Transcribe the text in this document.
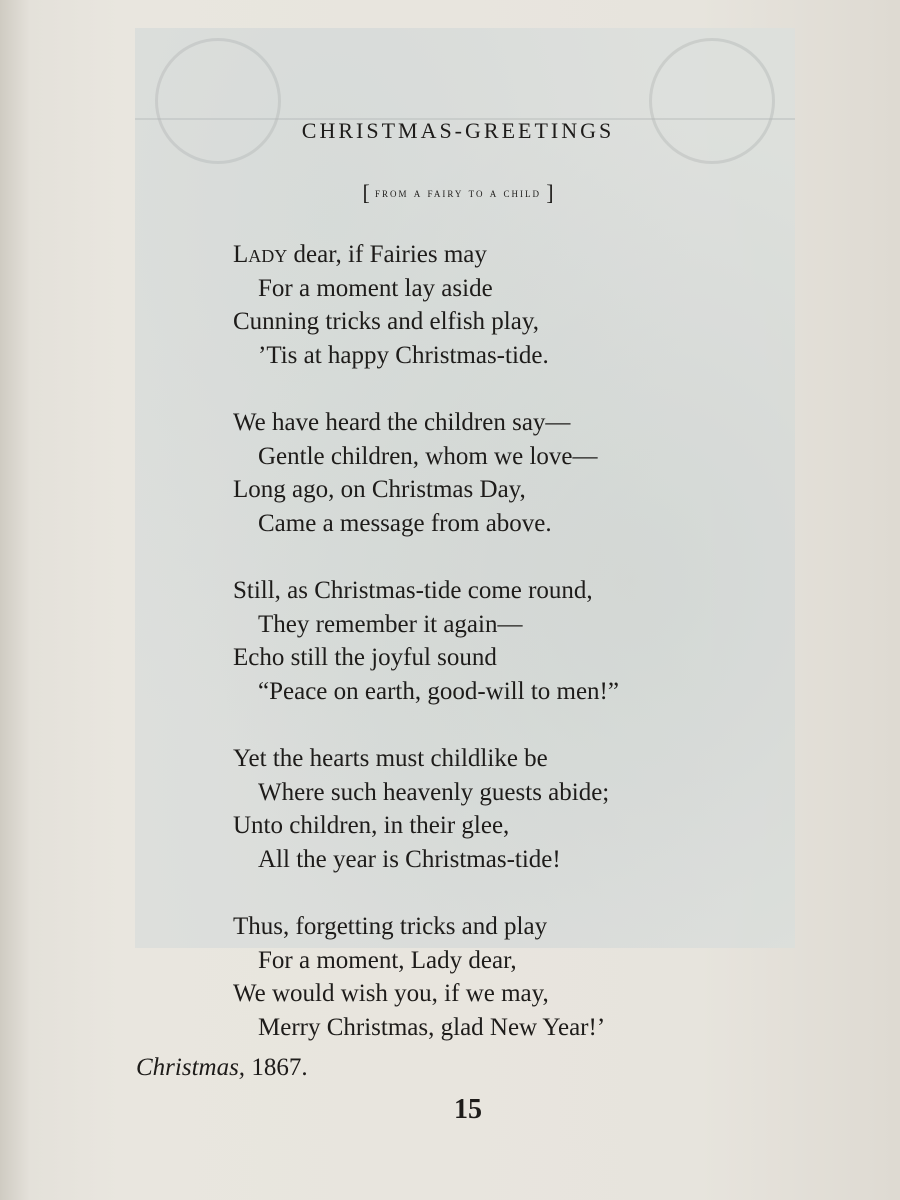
CHRISTMAS-GREETINGS
[ from a fairy to a child ]
Lady dear, if Fairies may
For a moment lay aside
Cunning tricks and elfish play,
’Tis at happy Christmas-tide.
We have heard the children say—
Gentle children, whom we love—
Long ago, on Christmas Day,
Came a message from above.
Still, as Christmas-tide come round,
They remember it again—
Echo still the joyful sound
“Peace on earth, good-will to men!”
Yet the hearts must childlike be
Where such heavenly guests abide;
Unto children, in their glee,
All the year is Christmas-tide!
Thus, forgetting tricks and play
For a moment, Lady dear,
We would wish you, if we may,
Merry Christmas, glad New Year!’
Christmas, 1867.
15
